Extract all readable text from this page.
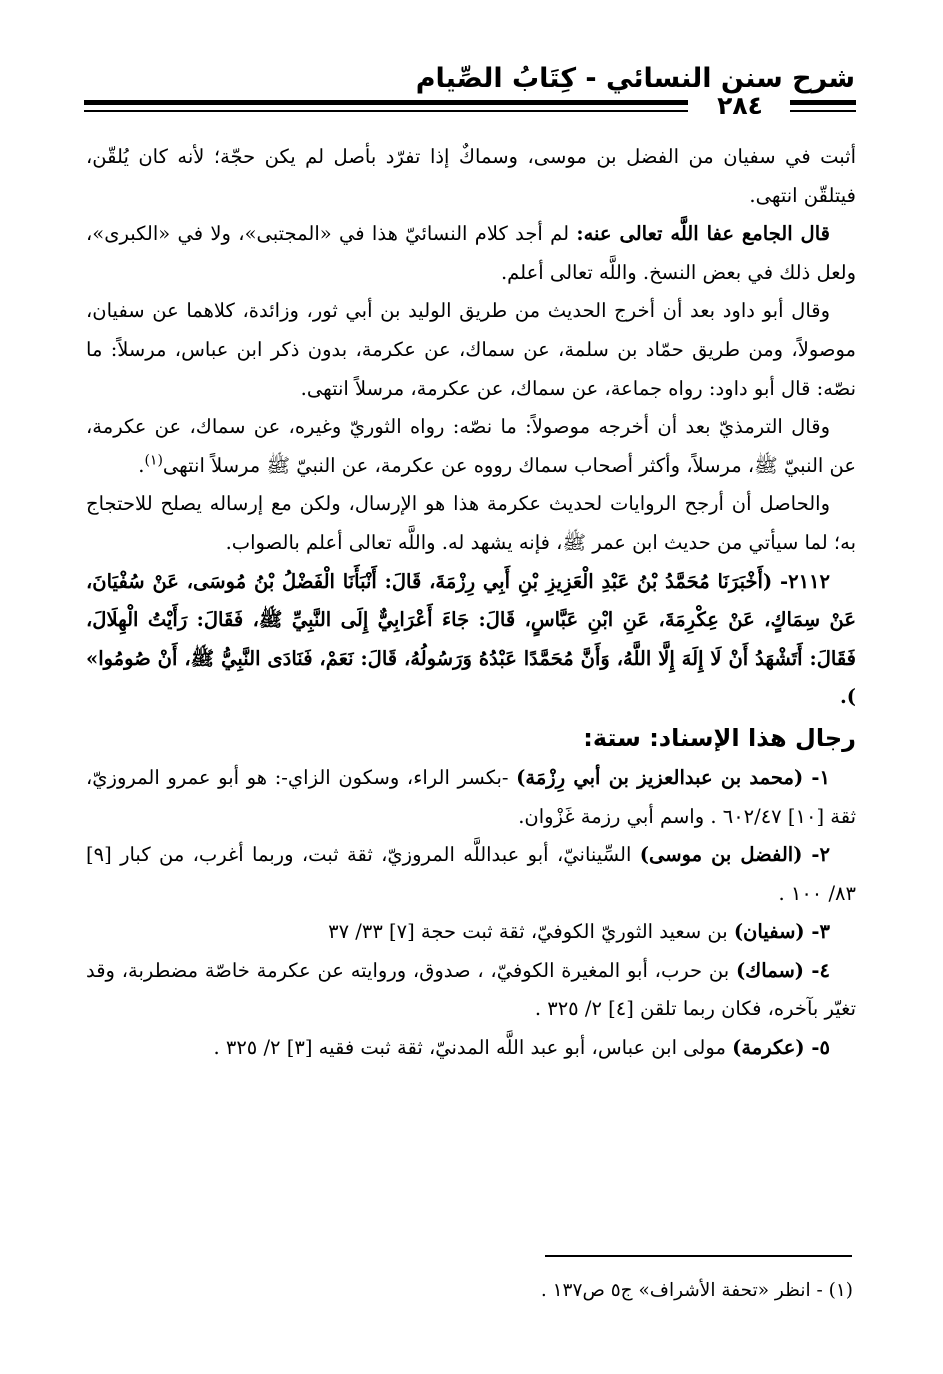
شرح سنن النسائي - كِتَابُ الصِّيام
٢٨٤

أثبت في سفيان من الفضل بن موسى، وسماكٌ إذا تفرّد بأصل لم يكن حجّة؛ لأنه كان يُلقّن، فيتلقّن انتهى.

قال الجامع عفا اللَّه تعالى عنه: لم أجد كلام النسائيّ هذا في «المجتبى»، ولا في «الكبرى»، ولعل ذلك في بعض النسخ. واللَّه تعالى أعلم.

وقال أبو داود بعد أن أخرج الحديث من طريق الوليد بن أبي ثور، وزائدة، كلاهما عن سفيان، موصولاً، ومن طريق حمّاد بن سلمة، عن سماك، عن عكرمة، بدون ذكر ابن عباس، مرسلاً: ما نصّه: قال أبو داود: رواه جماعة، عن سماك، عن عكرمة، مرسلاً انتهى.

وقال الترمذيّ بعد أن أخرجه موصولاً: ما نصّه: رواه الثوريّ وغيره، عن سماك، عن عكرمة، عن النبيّ ﷺ، مرسلاً، وأكثر أصحاب سماك رووه عن عكرمة، عن النبيّ ﷺ مرسلاً انتهى$^{(١)}$.

والحاصل أن أرجح الروايات لحديث عكرمة هذا هو الإرسال، ولكن مع إرساله يصلح للاحتجاج به؛ لما سيأتي من حديث ابن عمر ﷺ، فإنه يشهد له. واللَّه تعالى أعلم بالصواب.

٢١١٢- (أَخْبَرَنَا مُحَمَّدُ بْنُ عَبْدِ الْعَزِيزِ بْنِ أَبِي رِزْمَةَ، قَالَ: أَنْبَأَنَا الْفَضْلُ بْنُ مُوسَى، عَنْ سُفْيَانَ، عَنْ سِمَاكٍ، عَنْ عِكْرِمَةَ، عَنِ ابْنِ عَبَّاسٍ، قَالَ: جَاءَ أَعْرَابِيٌّ إِلَى النَّبِيِّ ﷺ، فَقَالَ: رَأَيْتُ الْهِلَالَ، فَقَالَ: أَتَشْهَدُ أَنْ لَا إِلَهَ إِلَّا اللَّهُ، وَأَنَّ مُحَمَّدًا عَبْدُهُ وَرَسُولُهُ، قَالَ: نَعَمْ، فَنَادَى النَّبِيُّ ﷺ، أَنْ صُومُوا» ).

رجال هذا الإسناد: ستة:

١- (محمد بن عبدالعزيز بن أبي رِزْمَة) -بكسر الراء، وسكون الزاي-: هو أبو عمرو المروزيّ، ثقة [١٠] ٦٠٢/٤٧ . واسم أبي رزمة غَزْوان.

٢- (الفضل بن موسى) السِّينانيّ، أبو عبداللَّه المروزيّ، ثقة ثبت، وربما أغرب، من كبار [٩] ٨٣/ ١٠٠ .

٣- (سفيان) بن سعيد الثوريّ الكوفيّ، ثقة ثبت حجة [٧] ٣٣/ ٣٧

٤- (سماك) بن حرب، أبو المغيرة الكوفيّ، ، صدوق، وروايته عن عكرمة خاصّة مضطربة، وقد تغيّر بآخره، فكان ربما تلقن [٤] ٢/ ٣٢٥ .

٥- (عكرمة) مولى ابن عباس، أبو عبد اللَّه المدنيّ، ثقة ثبت فقيه [٣] ٢/ ٣٢٥ .

(١) - انظر «تحفة الأشراف» ج٥ ص١٣٧ .
